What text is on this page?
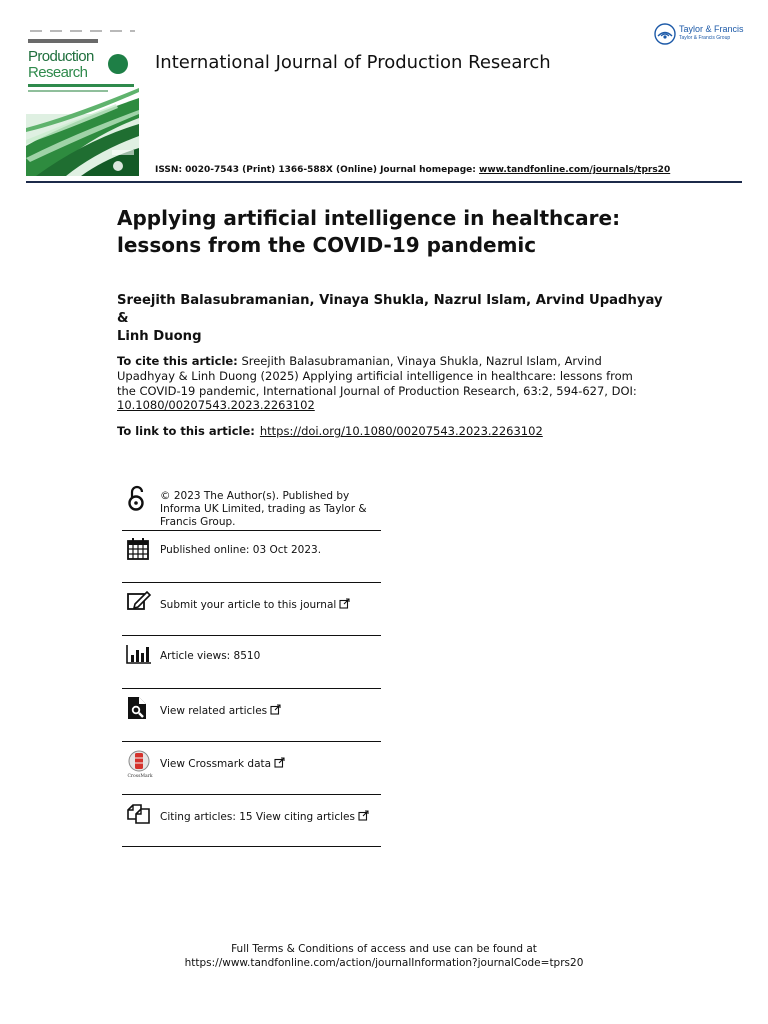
Production
Research	International Journal of Production Research
Taylor & Francis
Taylor & Francis Group
ISSN: 0020-7543 (Print) 1366-588X (Online) Journal homepage: www.tandfonline.com/journals/tprs20
Applying artificial intelligence in healthcare:
lessons from the COVID-19 pandemic
Sreejith Balasubramanian, Vinaya Shukla, Nazrul Islam, Arvind Upadhyay &
Linh Duong
To cite this article: Sreejith Balasubramanian, Vinaya Shukla, Nazrul Islam, Arvind Upadhyay & Linh Duong (2025) Applying artificial intelligence in healthcare: lessons from the COVID-19 pandemic, International Journal of Production Research, 63:2, 594-627, DOI: 10.1080/00207543.2023.2263102
To link to this article: https://doi.org/10.1080/00207543.2023.2263102
© 2023 The Author(s). Published by Informa UK Limited, trading as Taylor & Francis Group.
Published online: 03 Oct 2023.
Submit your article to this journal
Article views: 8510
View related articles
CrossMark
View Crossmark data
Citing articles: 15 View citing articles
Full Terms & Conditions of access and use can be found at
https://www.tandfonline.com/action/journalInformation?journalCode=tprs20
